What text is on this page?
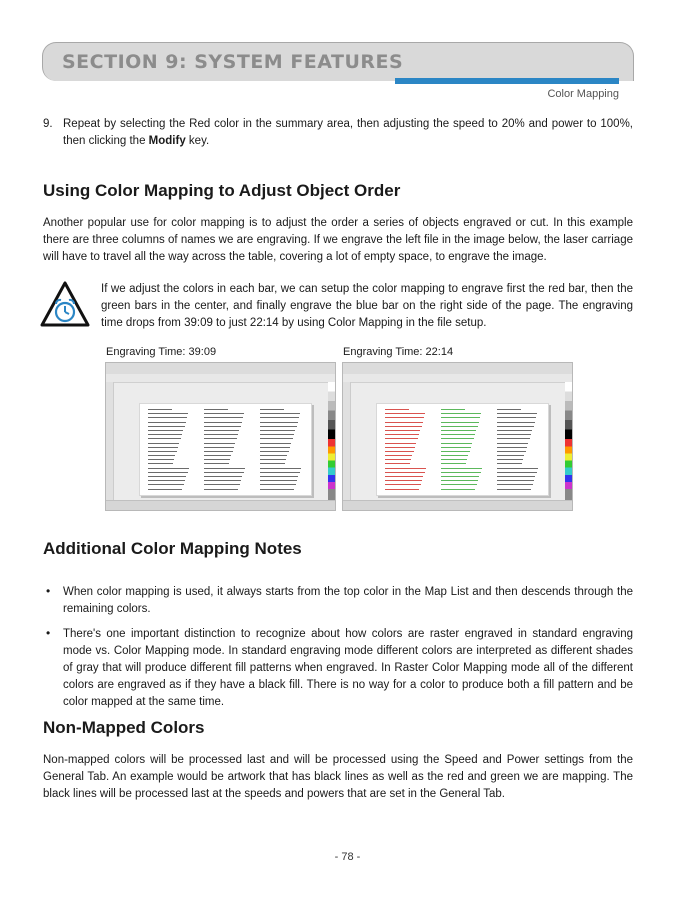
SECTION 9: SYSTEM FEATURES
Color Mapping
9. Repeat by selecting the Red color in the summary area, then adjusting the speed to 20% and power to 100%, then clicking the Modify key.
Using Color Mapping to Adjust Object Order
Another popular use for color mapping is to adjust the order a series of objects engraved or cut. In this example there are three columns of names we are engraving. If we engrave the left file in the image below, the laser carriage will have to travel all the way across the table, covering a lot of empty space, to engrave the image.
If we adjust the colors in each bar, we can setup the color mapping to engrave first the red bar, then the green bars in the center, and finally engrave the blue bar on the right side of the page. The engraving time drops from 39:09 to just 22:14 by using Color Mapping in the file setup.
Engraving Time: 39:09	Engraving Time: 22:14
Additional Color Mapping Notes
• When color mapping is used, it always starts from the top color in the Map List and then descends through the remaining colors.
• There's one important distinction to recognize about how colors are raster engraved in standard engraving mode vs. Color Mapping mode. In standard engraving mode different colors are interpreted as different shades of gray that will produce different fill patterns when engraved. In Raster Color Mapping mode all of the different colors are engraved as if they have a black fill. There is no way for a color to produce both a fill pattern and be color mapped at the same time.
Non-Mapped Colors
Non-mapped colors will be processed last and will be processed using the Speed and Power settings from the General Tab. An example would be artwork that has black lines as well as the red and green we are mapping. The black lines will be processed last at the speeds and powers that are set in the General Tab.
- 78 -
